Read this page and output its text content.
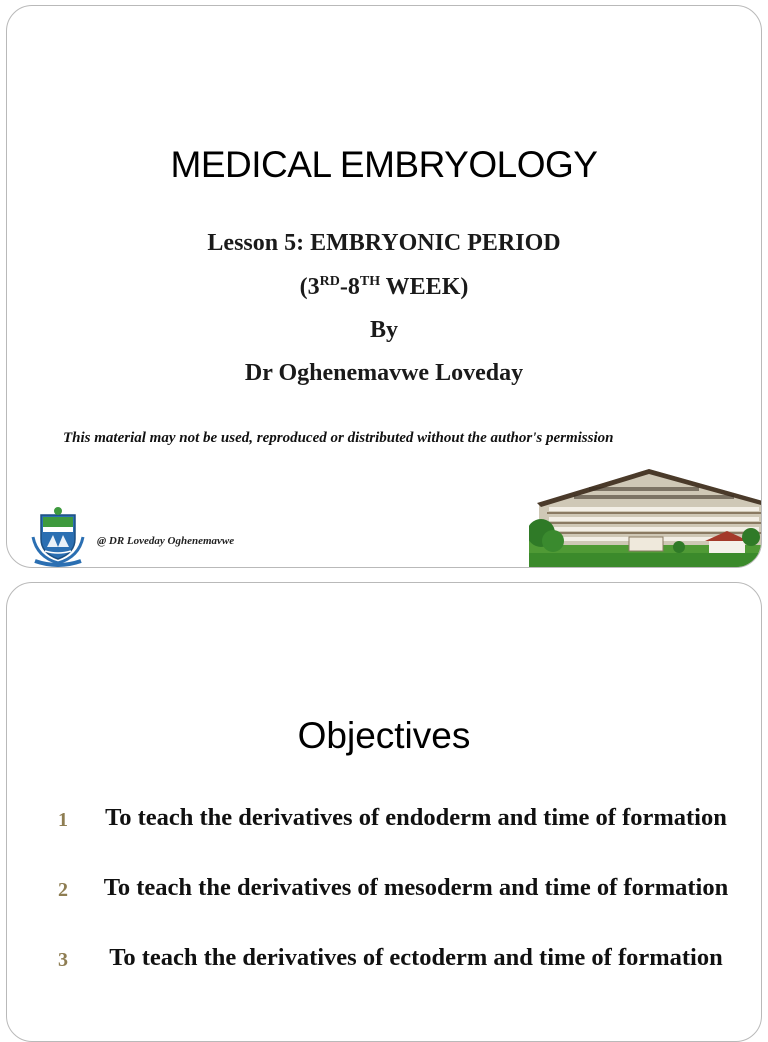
MEDICAL EMBRYOLOGY
Lesson 5: EMBRYONIC PERIOD
(3RD-8TH WEEK)
By
Dr Oghenemavwe Loveday
This material may not be used, reproduced or distributed without the author's permission
@ DR Loveday Oghenemavwe
Objectives
1	To teach the derivatives of endoderm and time of formation
2 To teach the derivatives of mesoderm and time of formation
3	To teach the derivatives of ectoderm and time of formation
